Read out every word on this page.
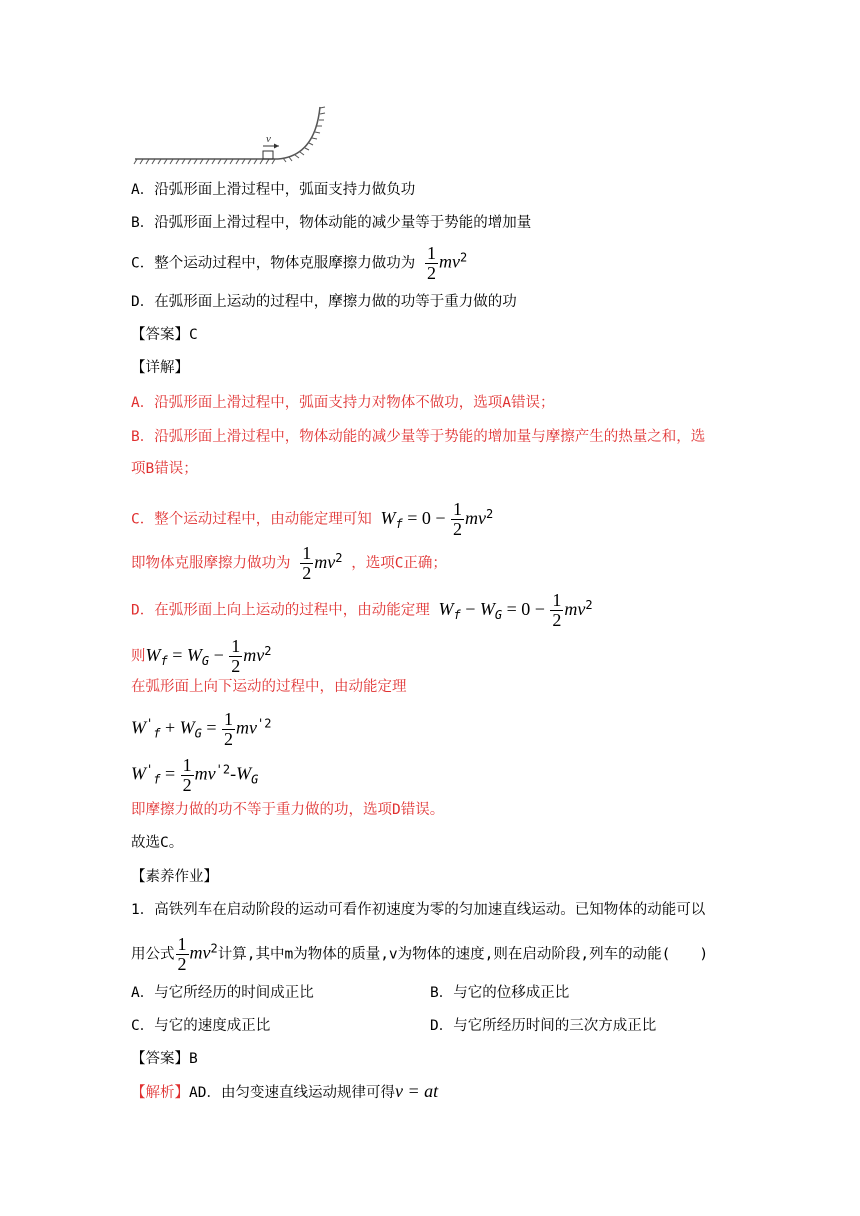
v
A．沿弧形面上滑过程中，弧面支持力做负功
B．沿弧形面上滑过程中，物体动能的减少量等于势能的增加量
C．整个运动过程中，物体克服摩擦力做功为 $\frac{1}{2} mv^2$
D．在弧形面上运动的过程中，摩擦力做的功等于重力做的功
【答案】C
【详解】
A．沿弧形面上滑过程中，弧面支持力对物体不做功，选项A错误；
B．沿弧形面上滑过程中，物体动能的减少量等于势能的增加量与摩擦产生的热量之和，选
项B错误；
C．整个运动过程中，由动能定理可知 $W_f = 0 - \frac{1}{2} mv^2$
即物体克服摩擦力做功为 $\frac{1}{2} mv^2$ ，选项C正确；
D．在弧形面上向上运动的过程中，由动能定理 $W_f - W_G = 0 - \frac{1}{2} mv^2$
则$W_f = W_G - \frac{1}{2} mv^2$
在弧形面上向下运动的过程中，由动能定理
$W'_f + W_G = \frac{1}{2} mv^{'2}$
$W'_f = \frac{1}{2} mv^{'2}-W_G$
即摩擦力做的功不等于重力做的功，选项D错误。
故选C。
【素养作业】
1．高铁列车在启动阶段的运动可看作初速度为零的匀加速直线运动。已知物体的动能可以
用公式 $\frac{1}{2} mv^2$计算,其中m为物体的质量,v为物体的速度,则在启动阶段,列车的动能(　　)
A．与它所经历的时间成正比	B．与它的位移成正比
C．与它的速度成正比	D．与它所经历时间的三次方成正比
【答案】B
【解析】AD．由匀变速直线运动规律可得v = at
